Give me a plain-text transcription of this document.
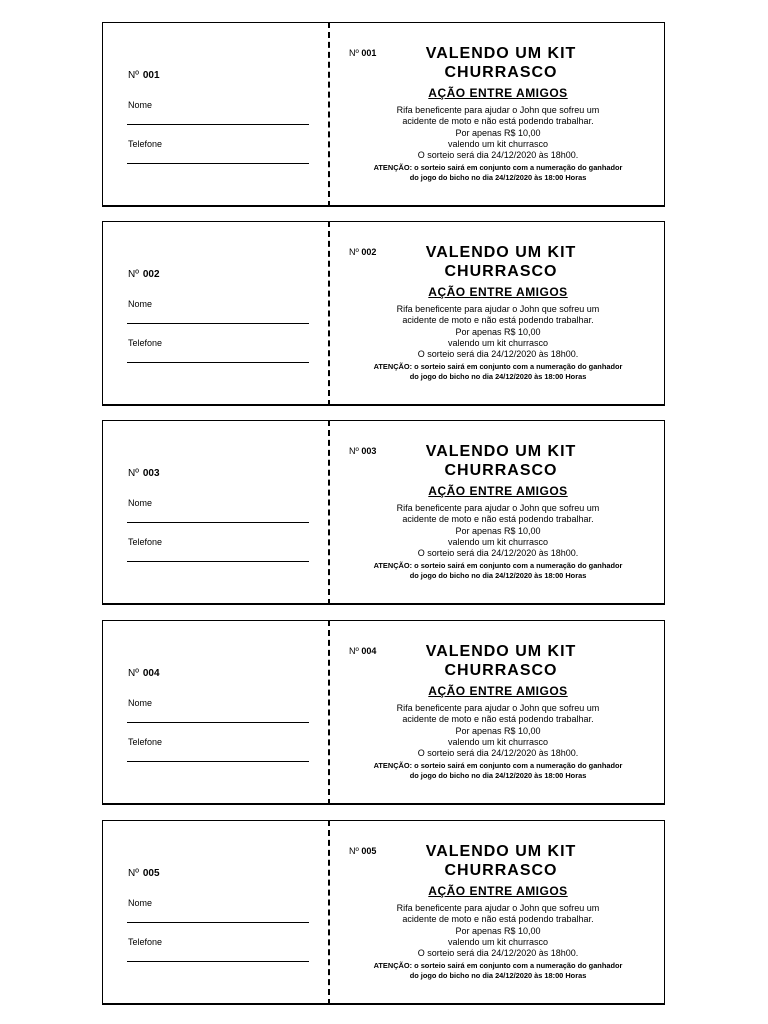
Nº 001
Nome
Telefone
Nº 001	VALENDO UM KIT
CHURRASCO
AÇÃO ENTRE AMIGOS
Rifa beneficente para ajudar o John que sofreu um
acidente de moto e não está podendo trabalhar.
Por apenas R$ 10,00
valendo um kit churrasco
O sorteio será dia 24/12/2020 às 18h00.
ATENÇÃO: o sorteio sairá em conjunto com a numeração do ganhador
do jogo do bicho no dia 24/12/2020 às 18:00 Horas
Nº 002
Nome
Telefone
Nº 002	VALENDO UM KIT
CHURRASCO
AÇÃO ENTRE AMIGOS
Rifa beneficente para ajudar o John que sofreu um
acidente de moto e não está podendo trabalhar.
Por apenas R$ 10,00
valendo um kit churrasco
O sorteio será dia 24/12/2020 às 18h00.
ATENÇÃO: o sorteio sairá em conjunto com a numeração do ganhador
do jogo do bicho no dia 24/12/2020 às 18:00 Horas
Nº 003
Nome
Telefone
Nº 003	VALENDO UM KIT
CHURRASCO
AÇÃO ENTRE AMIGOS
Rifa beneficente para ajudar o John que sofreu um
acidente de moto e não está podendo trabalhar.
Por apenas R$ 10,00
valendo um kit churrasco
O sorteio será dia 24/12/2020 às 18h00.
ATENÇÃO: o sorteio sairá em conjunto com a numeração do ganhador
do jogo do bicho no dia 24/12/2020 às 18:00 Horas
Nº 004
Nome
Telefone
Nº 004	VALENDO UM KIT
CHURRASCO
AÇÃO ENTRE AMIGOS
Rifa beneficente para ajudar o John que sofreu um
acidente de moto e não está podendo trabalhar.
Por apenas R$ 10,00
valendo um kit churrasco
O sorteio será dia 24/12/2020 às 18h00.
ATENÇÃO: o sorteio sairá em conjunto com a numeração do ganhador
do jogo do bicho no dia 24/12/2020 às 18:00 Horas
Nº 005
Nome
Telefone
Nº 005	VALENDO UM KIT
CHURRASCO
AÇÃO ENTRE AMIGOS
Rifa beneficente para ajudar o John que sofreu um
acidente de moto e não está podendo trabalhar.
Por apenas R$ 10,00
valendo um kit churrasco
O sorteio será dia 24/12/2020 às 18h00.
ATENÇÃO: o sorteio sairá em conjunto com a numeração do ganhador
do jogo do bicho no dia 24/12/2020 às 18:00 Horas
